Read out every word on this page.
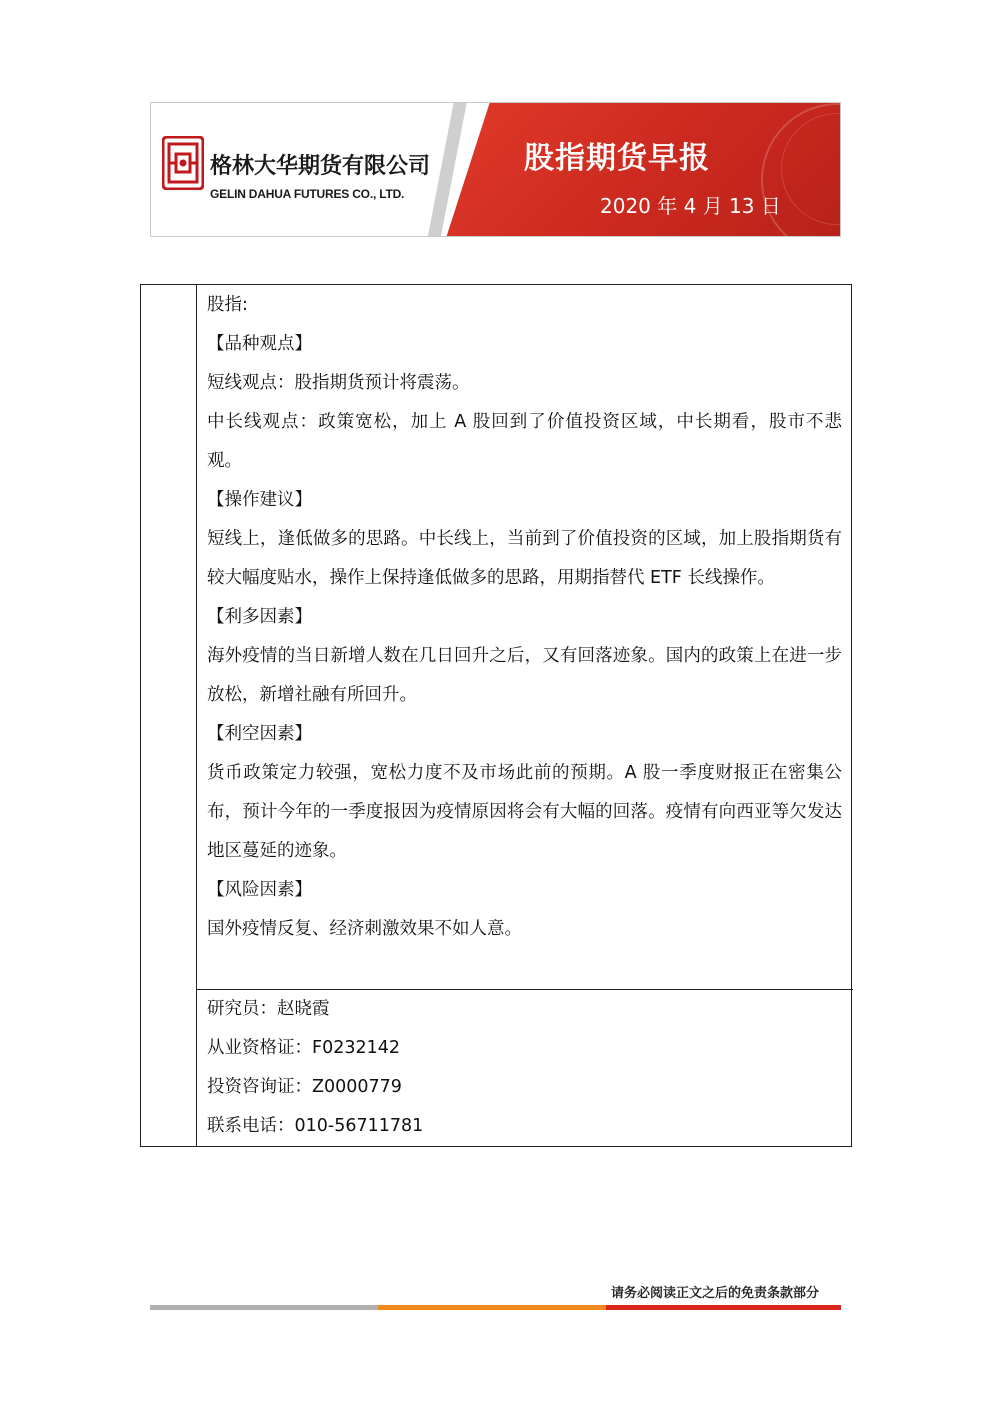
格林大华期货有限公司
GELIN DAHUA FUTURES CO., LTD.
股指期货早报
2020 年 4 月 13 日

股指:

【品种观点】

短线观点：股指期货预计将震荡。

中长线观点：政策宽松，加上 A 股回到了价值投资区域，中长期看，股市不悲观。

【操作建议】

短线上，逢低做多的思路。中长线上，当前到了价值投资的区域，加上股指期货有较大幅度贴水，操作上保持逢低做多的思路，用期指替代 ETF 长线操作。

【利多因素】

海外疫情的当日新增人数在几日回升之后，又有回落迹象。国内的政策上在进一步放松，新增社融有所回升。

【利空因素】

货币政策定力较强，宽松力度不及市场此前的预期。A 股一季度财报正在密集公布，预计今年的一季度报因为疫情原因将会有大幅的回落。疫情有向西亚等欠发达地区蔓延的迹象。

【风险因素】

国外疫情反复、经济刺激效果不如人意。

研究员：赵晓霞

从业资格证：F0232142

投资咨询证：Z0000779

联系电话：010-56711781

请务必阅读正文之后的免责条款部分
